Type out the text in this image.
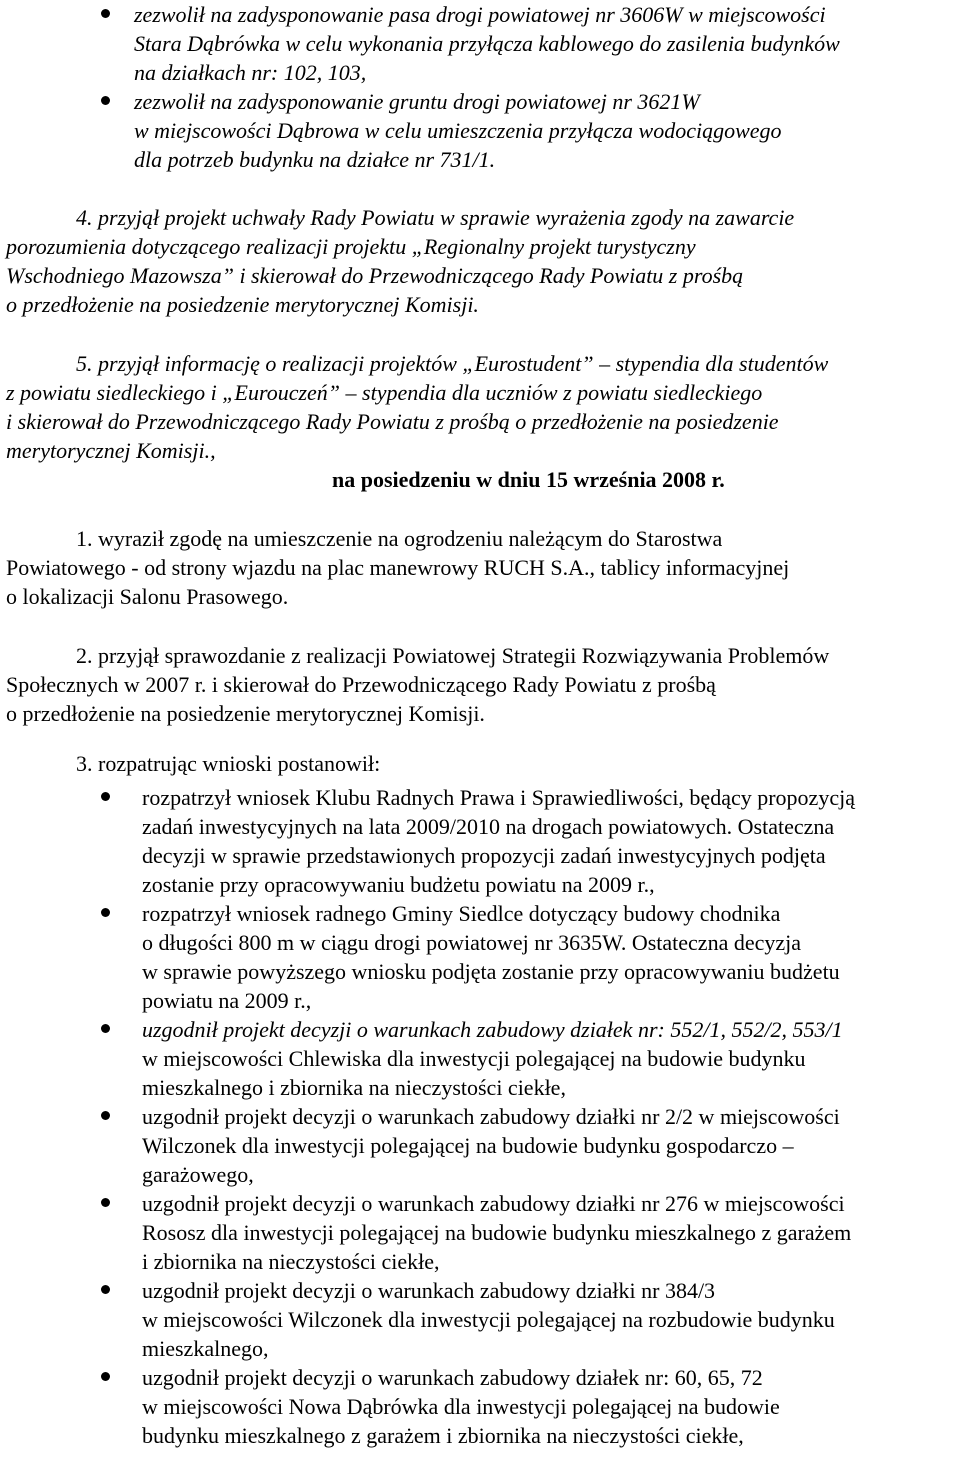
zezwolił na zadysponowanie pasa drogi powiatowej nr 3606W w miejscowości
Stara Dąbrówka w celu wykonania przyłącza kablowego do zasilenia budynków
na działkach nr: 102, 103,
zezwolił na zadysponowanie gruntu drogi powiatowej nr 3621W
w miejscowości Dąbrowa w celu umieszczenia przyłącza wodociągowego
dla potrzeb budynku na działce nr 731/1.
4. przyjął projekt uchwały Rady Powiatu w sprawie wyrażenia zgody na zawarcie
porozumienia dotyczącego realizacji projektu „Regionalny projekt turystyczny
Wschodniego Mazowsza” i skierował do Przewodniczącego Rady Powiatu z prośbą
o przedłożenie na posiedzenie merytorycznej Komisji.
5. przyjął informację o realizacji projektów „Eurostudent” – stypendia dla studentów
z powiatu siedleckiego i „Eurouczeń” – stypendia dla uczniów z powiatu siedleckiego
i skierował do Przewodniczącego Rady Powiatu z prośbą o przedłożenie na posiedzenie
merytorycznej Komisji.,
na posiedzeniu w dniu 15 września 2008 r.
1. wyraził zgodę na umieszczenie na ogrodzeniu należącym do Starostwa
Powiatowego - od strony wjazdu na plac manewrowy RUCH S.A., tablicy informacyjnej
o lokalizacji Salonu Prasowego.
2. przyjął sprawozdanie z realizacji Powiatowej Strategii Rozwiązywania Problemów
Społecznych w 2007 r. i skierował do Przewodniczącego Rady Powiatu z prośbą
o przedłożenie na posiedzenie merytorycznej Komisji.
3. rozpatrując wnioski postanowił:
rozpatrzył wniosek Klubu Radnych Prawa i Sprawiedliwości, będący propozycją
zadań inwestycyjnych na lata 2009/2010 na drogach powiatowych. Ostateczna
decyzji w sprawie przedstawionych propozycji zadań inwestycyjnych podjęta
zostanie przy opracowywaniu budżetu powiatu na 2009 r.,
rozpatrzył wniosek radnego Gminy Siedlce dotyczący budowy chodnika
o długości 800 m w ciągu drogi powiatowej nr 3635W. Ostateczna decyzja
w sprawie powyższego wniosku podjęta zostanie przy opracowywaniu budżetu
powiatu na 2009 r.,
uzgodnił projekt decyzji o warunkach zabudowy działek nr: 552/1, 552/2, 553/1
w miejscowości Chlewiska dla inwestycji polegającej na budowie budynku
mieszkalnego i zbiornika na nieczystości ciekłe,
uzgodnił projekt decyzji o warunkach zabudowy działki nr 2/2 w miejscowości
Wilczonek dla inwestycji polegającej na budowie budynku gospodarczo –
garażowego,
uzgodnił projekt decyzji o warunkach zabudowy działki nr 276 w miejscowości
Rososz dla inwestycji polegającej na budowie budynku mieszkalnego z garażem
i zbiornika na nieczystości ciekłe,
uzgodnił projekt decyzji o warunkach zabudowy działki nr 384/3
w miejscowości Wilczonek dla inwestycji polegającej na rozbudowie budynku
mieszkalnego,
uzgodnił projekt decyzji o warunkach zabudowy działek nr: 60, 65, 72
w miejscowości Nowa Dąbrówka dla inwestycji polegającej na budowie
budynku mieszkalnego z garażem i zbiornika na nieczystości ciekłe,
